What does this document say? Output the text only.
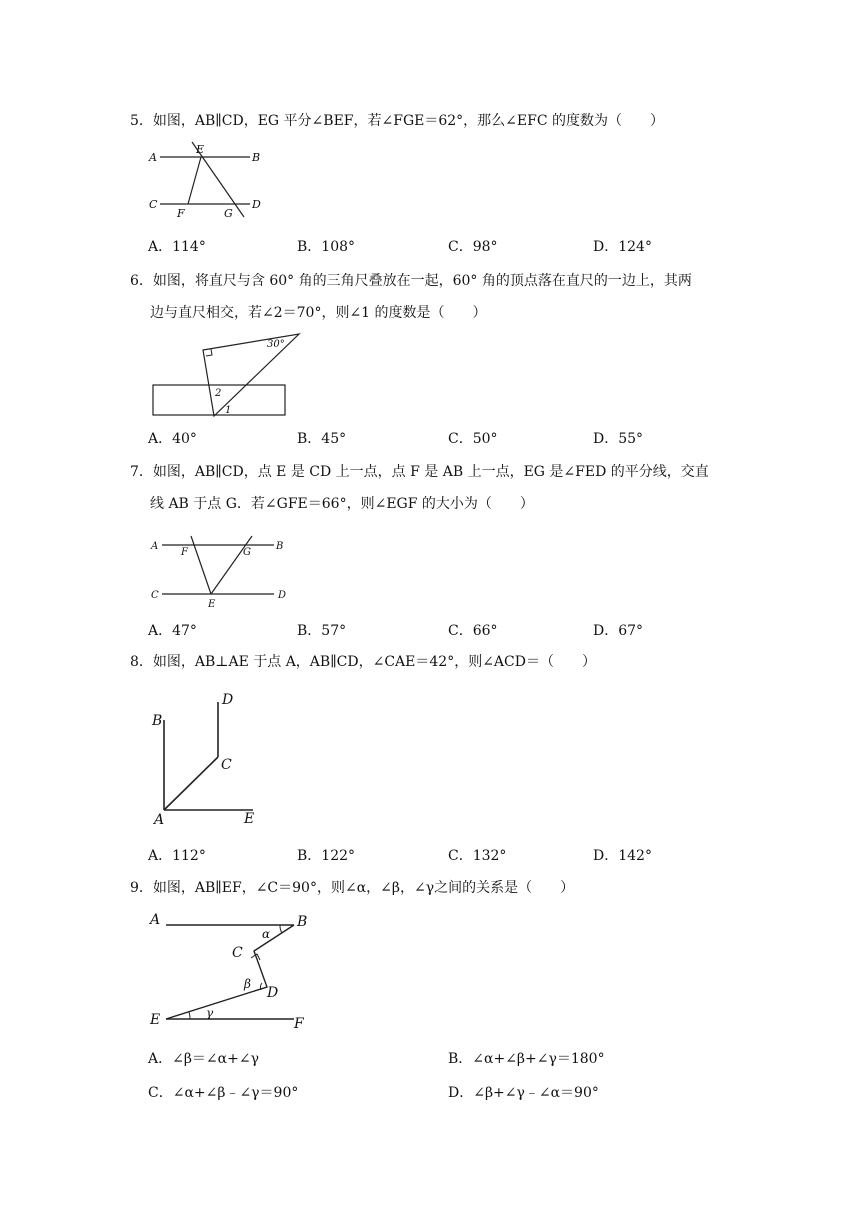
5．如图，AB∥CD，EG 平分∠BEF，若∠FGE＝62°，那么∠EFC 的度数为（　　）
A
E
B
C
F	G
D
A．114°	B．108°	C．98°	D．124°
6．如图，将直尺与含 60° 角的三角尺叠放在一起，60° 角的顶点落在直尺的一边上，其两
边与直尺相交，若∠2＝70°，则∠1 的度数是（　　）
30°
2
1
A．40°	B．45°	C．50°	D．55°
7．如图，AB∥CD，点 E 是 CD 上一点，点 F 是 AB 上一点，EG 是∠FED 的平分线，交直
线 AB 于点 G．若∠GFE＝66°，则∠EGF 的大小为（　　）
A
F	G
B
C
E
D
A．47°	B．57°	C．66°	D．67°
8．如图，AB⊥AE 于点 A，AB∥CD，∠CAE＝42°，则∠ACD＝（　　）
D
B
C
A	E
A．112°	B．122°	C．132°	D．142°
9．如图，AB∥EF，∠C＝90°，则∠α，∠β，∠γ之间的关系是（　　）
A	B
α
C
β
D
E	γ
F
A．∠β＝∠α+∠γ	B．∠α+∠β+∠γ＝180°
C．∠α+∠β﹣∠γ＝90°	D．∠β+∠γ﹣∠α＝90°
